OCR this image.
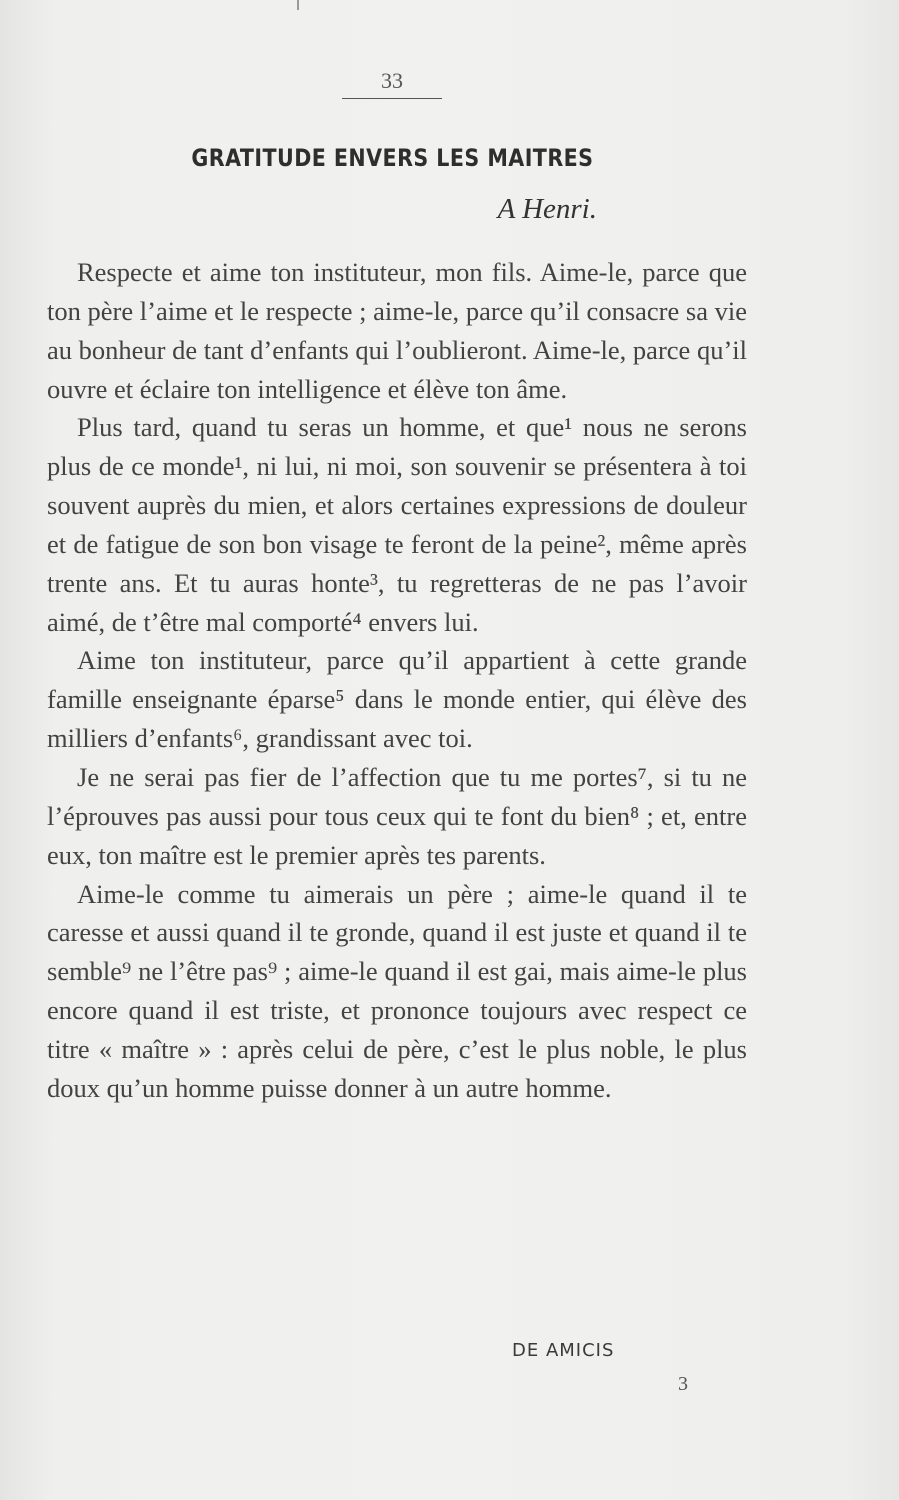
33
GRATITUDE ENVERS LES MAITRES
A Henri.

Respecte et aime ton instituteur, mon fils. Aime-le, parce que ton père l’aime et le respecte ; aime-le, parce qu’il consacre sa vie au bonheur de tant d’enfants qui l’oublieront. Aime-le, parce qu’il ouvre et éclaire ton intelligence et élève ton âme.

Plus tard, quand tu seras un homme, et que¹ nous ne serons plus de ce monde¹, ni lui, ni moi, son souvenir se présentera à toi souvent auprès du mien, et alors certaines expressions de douleur et de fatigue de son bon visage te feront de la peine², même après trente ans. Et tu auras honte³, tu regretteras de ne pas l’avoir aimé, de t’être mal comporté⁴ envers lui.

Aime ton instituteur, parce qu’il appartient à cette grande famille enseignante éparse⁵ dans le monde entier, qui élève des milliers d’enfants⁶, grandissant avec toi.

Je ne serai pas fier de l’affection que tu me portes⁷, si tu ne l’éprouves pas aussi pour tous ceux qui te font du bien⁸ ; et, entre eux, ton maître est le premier après tes parents.

Aime-le comme tu aimerais un père ; aime-le quand il te caresse et aussi quand il te gronde, quand il est juste et quand il te semble⁹ ne l’être pas⁹ ; aime-le quand il est gai, mais aime-le plus encore quand il est triste, et prononce toujours avec respect ce titre « maître » : après celui de père, c’est le plus noble, le plus doux qu’un homme puisse donner à un autre homme.

DE AMICIS
3
